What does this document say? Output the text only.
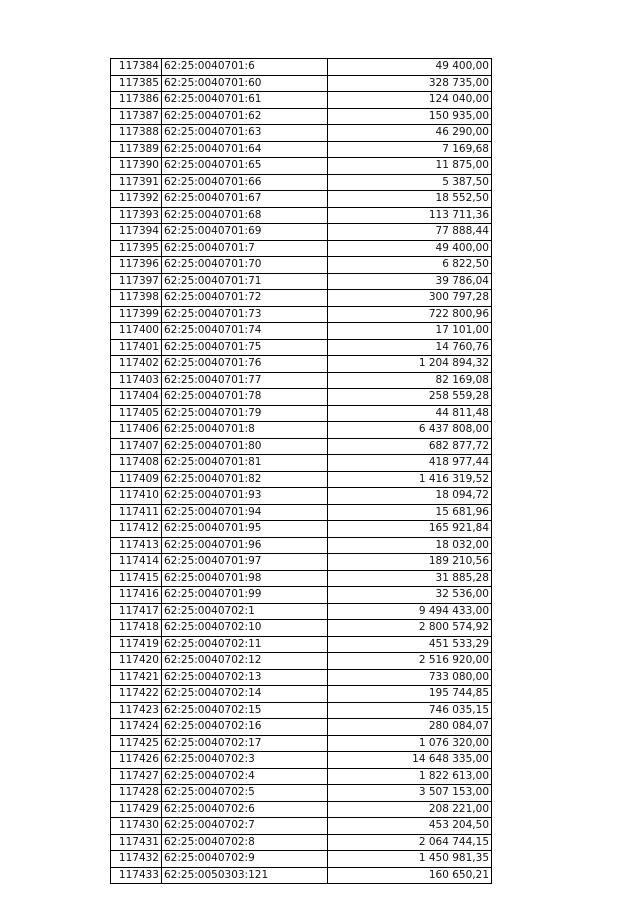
117384	62:25:0040701:6	49 400,00
117385	62:25:0040701:60	328 735,00
117386	62:25:0040701:61	124 040,00
117387	62:25:0040701:62	150 935,00
117388	62:25:0040701:63	46 290,00
117389	62:25:0040701:64	7 169,68
117390	62:25:0040701:65	11 875,00
117391	62:25:0040701:66	5 387,50
117392	62:25:0040701:67	18 552,50
117393	62:25:0040701:68	113 711,36
117394	62:25:0040701:69	77 888,44
117395	62:25:0040701:7	49 400,00
117396	62:25:0040701:70	6 822,50
117397	62:25:0040701:71	39 786,04
117398	62:25:0040701:72	300 797,28
117399	62:25:0040701:73	722 800,96
117400	62:25:0040701:74	17 101,00
117401	62:25:0040701:75	14 760,76
117402	62:25:0040701:76	1 204 894,32
117403	62:25:0040701:77	82 169,08
117404	62:25:0040701:78	258 559,28
117405	62:25:0040701:79	44 811,48
117406	62:25:0040701:8	6 437 808,00
117407	62:25:0040701:80	682 877,72
117408	62:25:0040701:81	418 977,44
117409	62:25:0040701:82	1 416 319,52
117410	62:25:0040701:93	18 094,72
117411	62:25:0040701:94	15 681,96
117412	62:25:0040701:95	165 921,84
117413	62:25:0040701:96	18 032,00
117414	62:25:0040701:97	189 210,56
117415	62:25:0040701:98	31 885,28
117416	62:25:0040701:99	32 536,00
117417	62:25:0040702:1	9 494 433,00
117418	62:25:0040702:10	2 800 574,92
117419	62:25:0040702:11	451 533,29
117420	62:25:0040702:12	2 516 920,00
117421	62:25:0040702:13	733 080,00
117422	62:25:0040702:14	195 744,85
117423	62:25:0040702:15	746 035,15
117424	62:25:0040702:16	280 084,07
117425	62:25:0040702:17	1 076 320,00
117426	62:25:0040702:3	14 648 335,00
117427	62:25:0040702:4	1 822 613,00
117428	62:25:0040702:5	3 507 153,00
117429	62:25:0040702:6	208 221,00
117430	62:25:0040702:7	453 204,50
117431	62:25:0040702:8	2 064 744,15
117432	62:25:0040702:9	1 450 981,35
117433	62:25:0050303:121	160 650,21
